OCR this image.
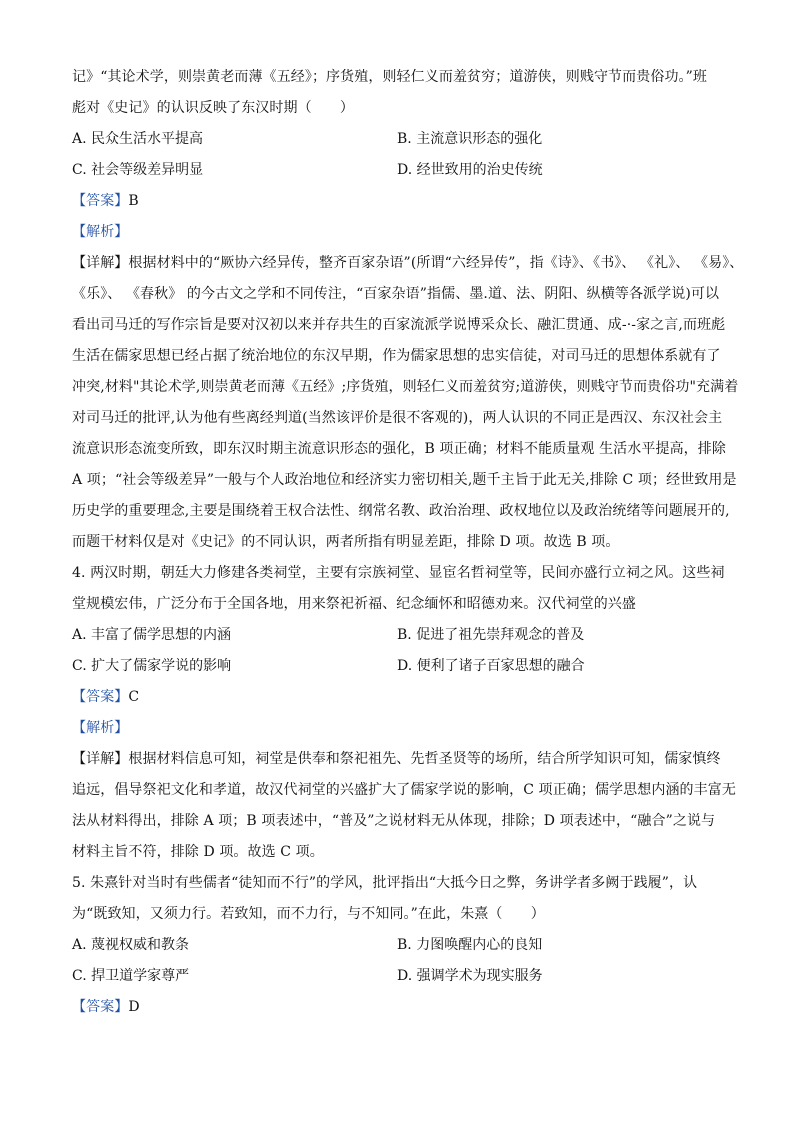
记》“其论术学，则崇黄老而薄《五经》；序货殖，则轻仁义而羞贫穷；道游侠，则贱守节而贵俗功。”班

彪对《史记》的认识反映了东汉时期（　　）

A. 民众生活水平提高	B. 主流意识形态的强化
C. 社会等级差异明显	D. 经世致用的治史传统

【答案】B

【解析】

【详解】根据材料中的“厥协六经异传，整齐百家杂语”(所谓“六经异传”，指《诗》、《书》、 《礼》、 《易》、

《乐》、 《春秋》 的今古文之学和不同传注，“百家杂语”指儒、墨.道、法、阴阳、纵横等各派学说)可以

看出司马迁的写作宗旨是要对汉初以来并存共生的百家流派学说博采众长、融汇贯通、成-·-家之言,而班彪

生活在儒家思想已经占据了统治地位的东汉早期，作为儒家思想的忠实信徒，对司马迁的思想体系就有了

冲突,材料"其论术学,则崇黄老而薄《五经》;序货殖，则轻仁义而羞贫穷;道游侠，则贱守节而贵俗功"充满着

对司马迁的批评,认为他有些离经判道(当然该评价是很不客观的)，两人认识的不同正是西汉、东汉社会主

流意识形态流变所致，即东汉时期主流意识形态的强化，B 项正确；材料不能质量观 生活水平提高，排除

A 项；“社会等级差异”一般与个人政治地位和经济实力密切相关,题千主旨于此无关,排除 C 项；经世致用是

历史学的重要理念,主要是围绕着王权合法性、纲常名教、政治治理、政权地位以及政治统绪等问题展开的,

而题干材料仅是对《史记》的不同认识，两者所指有明显差距，排除 D 项。故选 B 项。

4. 两汉时期，朝廷大力修建各类祠堂，主要有宗族祠堂、显宦名哲祠堂等，民间亦盛行立祠之风。这些祠

堂规模宏伟，广泛分布于全国各地，用来祭祀祈福、纪念缅怀和昭德劝来。汉代祠堂的兴盛

A. 丰富了儒学思想的内涵	B. 促进了祖先崇拜观念的普及
C. 扩大了儒家学说的影响	D. 便利了诸子百家思想的融合

【答案】C

【解析】

【详解】根据材料信息可知，祠堂是供奉和祭祀祖先、先哲圣贤等的场所，结合所学知识可知，儒家慎终

追远，倡导祭祀文化和孝道，故汉代祠堂的兴盛扩大了儒家学说的影响，C 项正确；儒学思想内涵的丰富无

法从材料得出，排除 A 项；B 项表述中，“普及”之说材料无从体现，排除；D 项表述中，“融合”之说与

材料主旨不符，排除 D 项。故选 C 项。

5. 朱熹针对当时有些儒者“徒知而不行”的学风，批评指出“大抵今日之弊，务讲学者多阙于践履”，认

为“既致知，又须力行。若致知，而不力行，与不知同。”在此，朱熹（　　）

A. 蔑视权威和教条	B. 力图唤醒内心的良知
C. 捍卫道学家尊严	D. 强调学术为现实服务

【答案】D
